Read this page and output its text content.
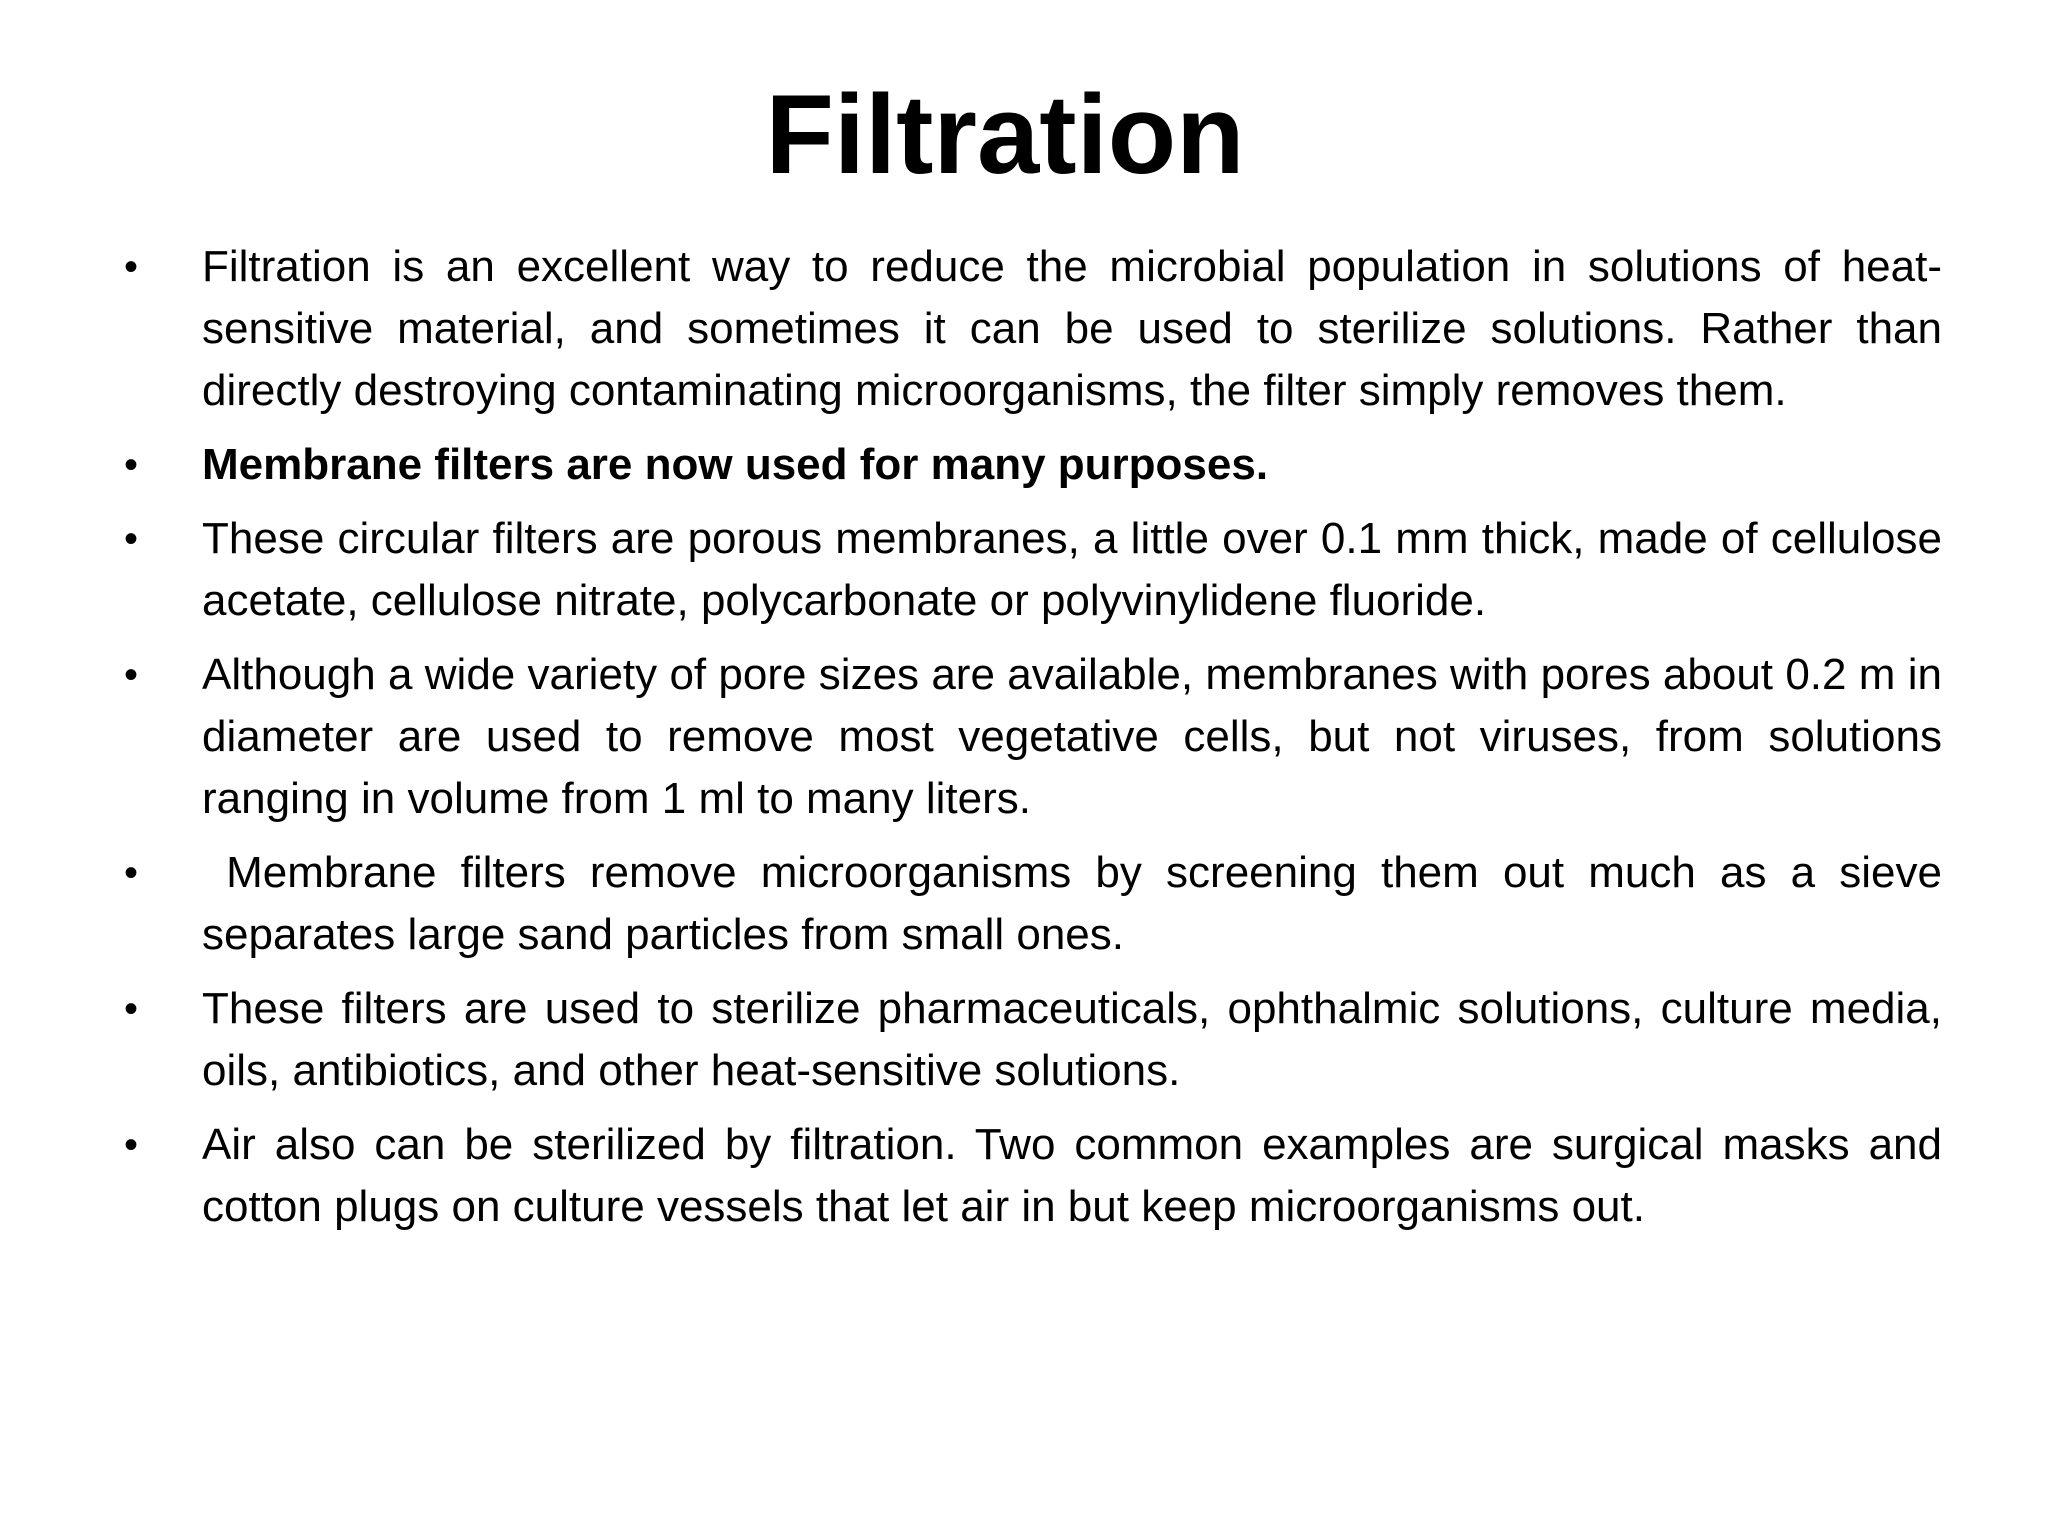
Filtration
• Filtration is an excellent way to reduce the microbial population in solutions of heat-sensitive material, and sometimes it can be used to sterilize solutions. Rather than directly destroying contaminating microorganisms, the filter simply removes them.
• Membrane filters are now used for many purposes.
• These circular filters are porous membranes, a little over 0.1 mm thick, made of cellulose acetate, cellulose nitrate, polycarbonate or polyvinylidene fluoride.
• Although a wide variety of pore sizes are available, membranes with pores about 0.2 m in diameter are used to remove most vegetative cells, but not viruses, from solutions ranging in volume from 1 ml to many liters.
• Membrane filters remove microorganisms by screening them out much as a sieve separates large sand particles from small ones.
• These filters are used to sterilize pharmaceuticals, ophthalmic solutions, culture media, oils, antibiotics, and other heat-sensitive solutions.
• Air also can be sterilized by filtration. Two common examples are surgical masks and cotton plugs on culture vessels that let air in but keep microorganisms out.
